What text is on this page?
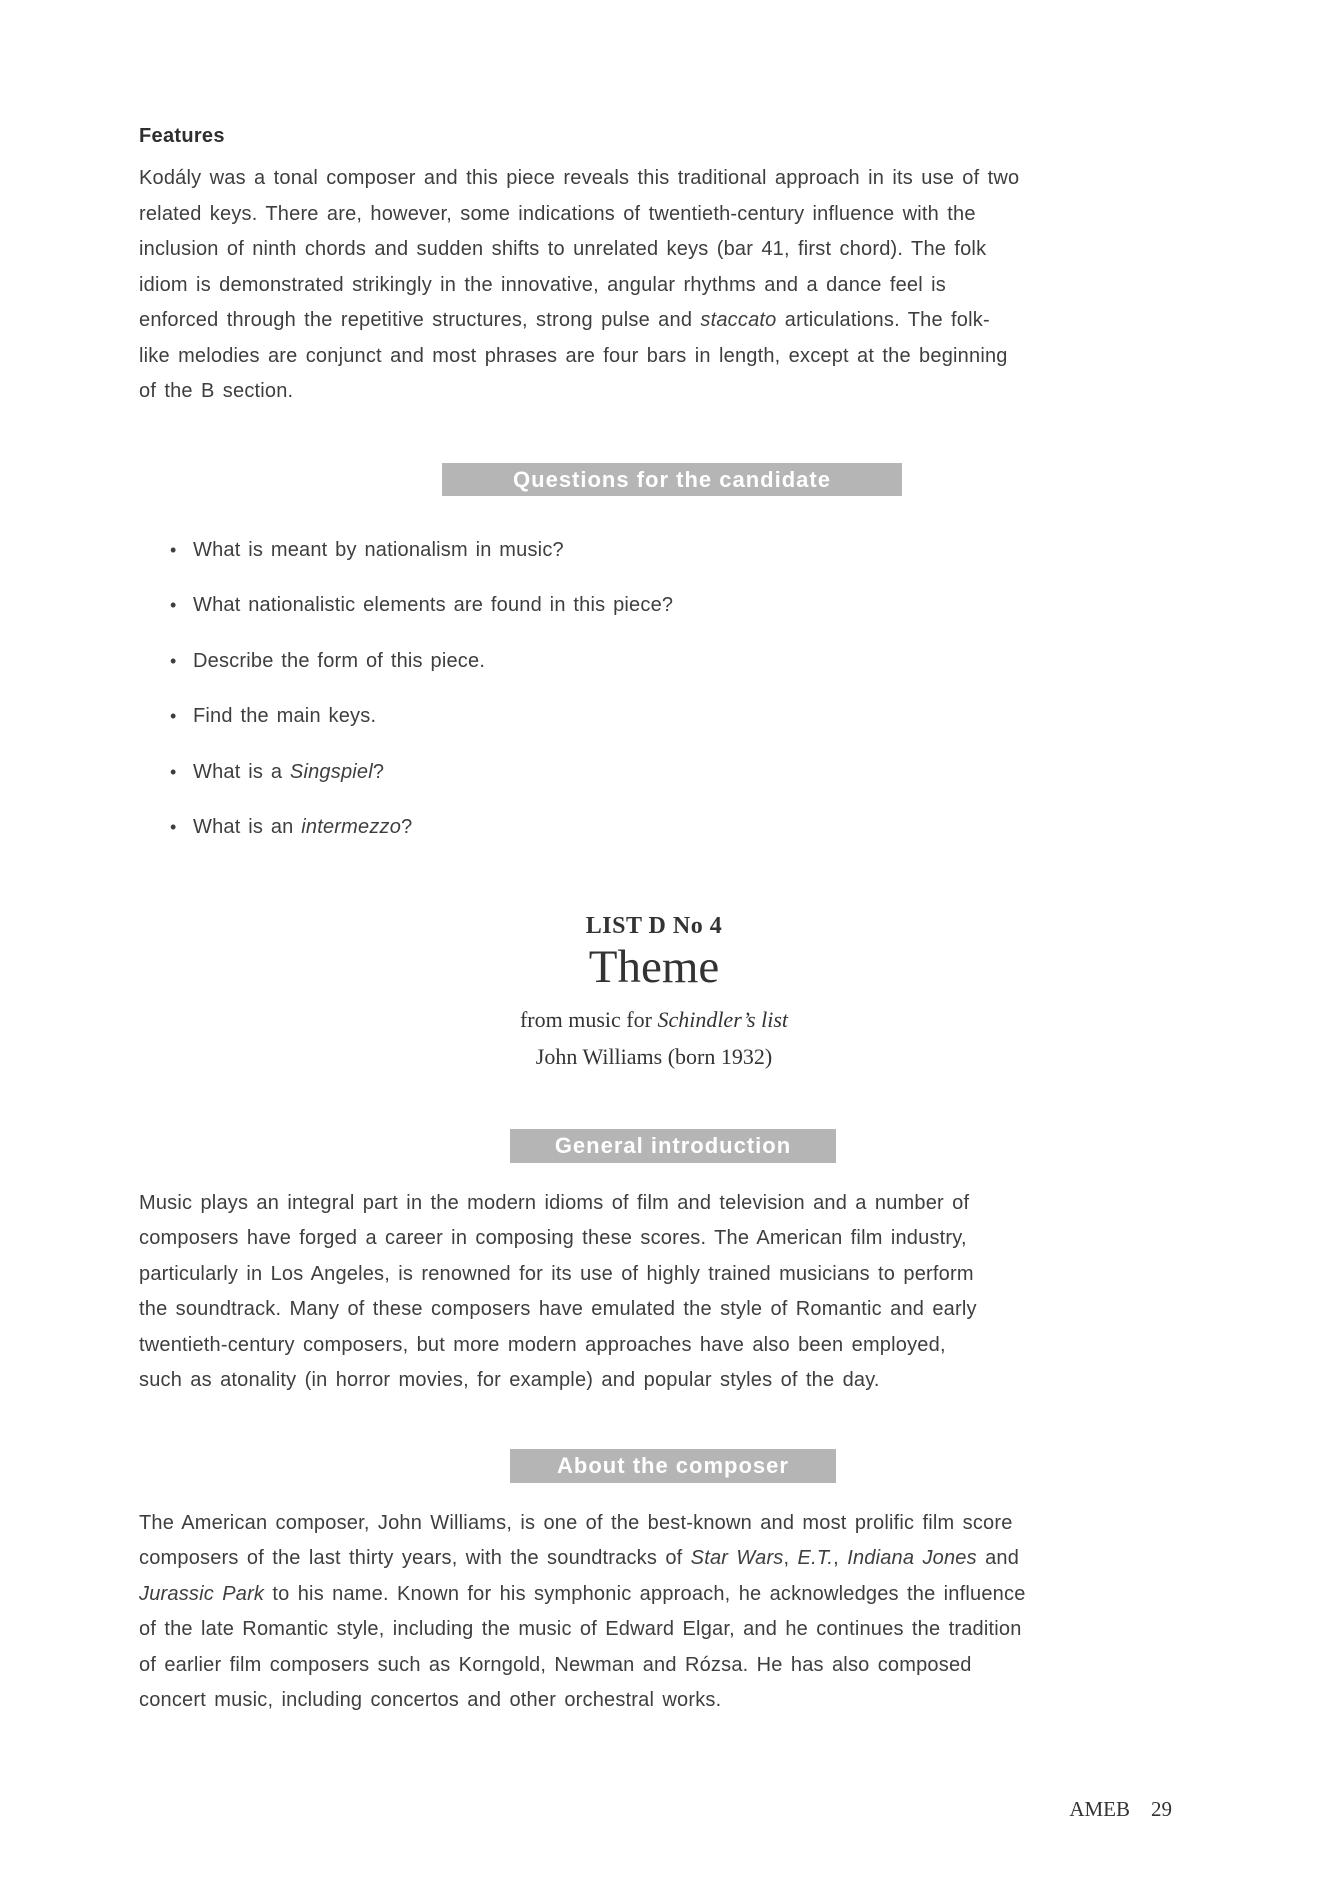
Features
Kodály was a tonal composer and this piece reveals this traditional approach in its use of two
related keys. There are, however, some indications of twentieth-century influence with the
inclusion of ninth chords and sudden shifts to unrelated keys (bar 41, first chord). The folk
idiom is demonstrated strikingly in the innovative, angular rhythms and a dance feel is
enforced through the repetitive structures, strong pulse and staccato articulations. The folk-
like melodies are conjunct and most phrases are four bars in length, except at the beginning
of the B section.
Questions for the candidate
• What is meant by nationalism in music?
• What nationalistic elements are found in this piece?
• Describe the form of this piece.
• Find the main keys.
• What is a Singspiel?
• What is an intermezzo?
LIST D No 4
Theme
from music for Schindler’s list
John Williams (born 1932)
General introduction
Music plays an integral part in the modern idioms of film and television and a number of
composers have forged a career in composing these scores. The American film industry,
particularly in Los Angeles, is renowned for its use of highly trained musicians to perform
the soundtrack. Many of these composers have emulated the style of Romantic and early
twentieth-century composers, but more modern approaches have also been employed,
such as atonality (in horror movies, for example) and popular styles of the day.
About the composer
The American composer, John Williams, is one of the best-known and most prolific film score
composers of the last thirty years, with the soundtracks of Star Wars, E.T., Indiana Jones and
Jurassic Park to his name. Known for his symphonic approach, he acknowledges the influence
of the late Romantic style, including the music of Edward Elgar, and he continues the tradition
of earlier film composers such as Korngold, Newman and Rózsa. He has also composed
concert music, including concertos and other orchestral works.
AMEB 29
